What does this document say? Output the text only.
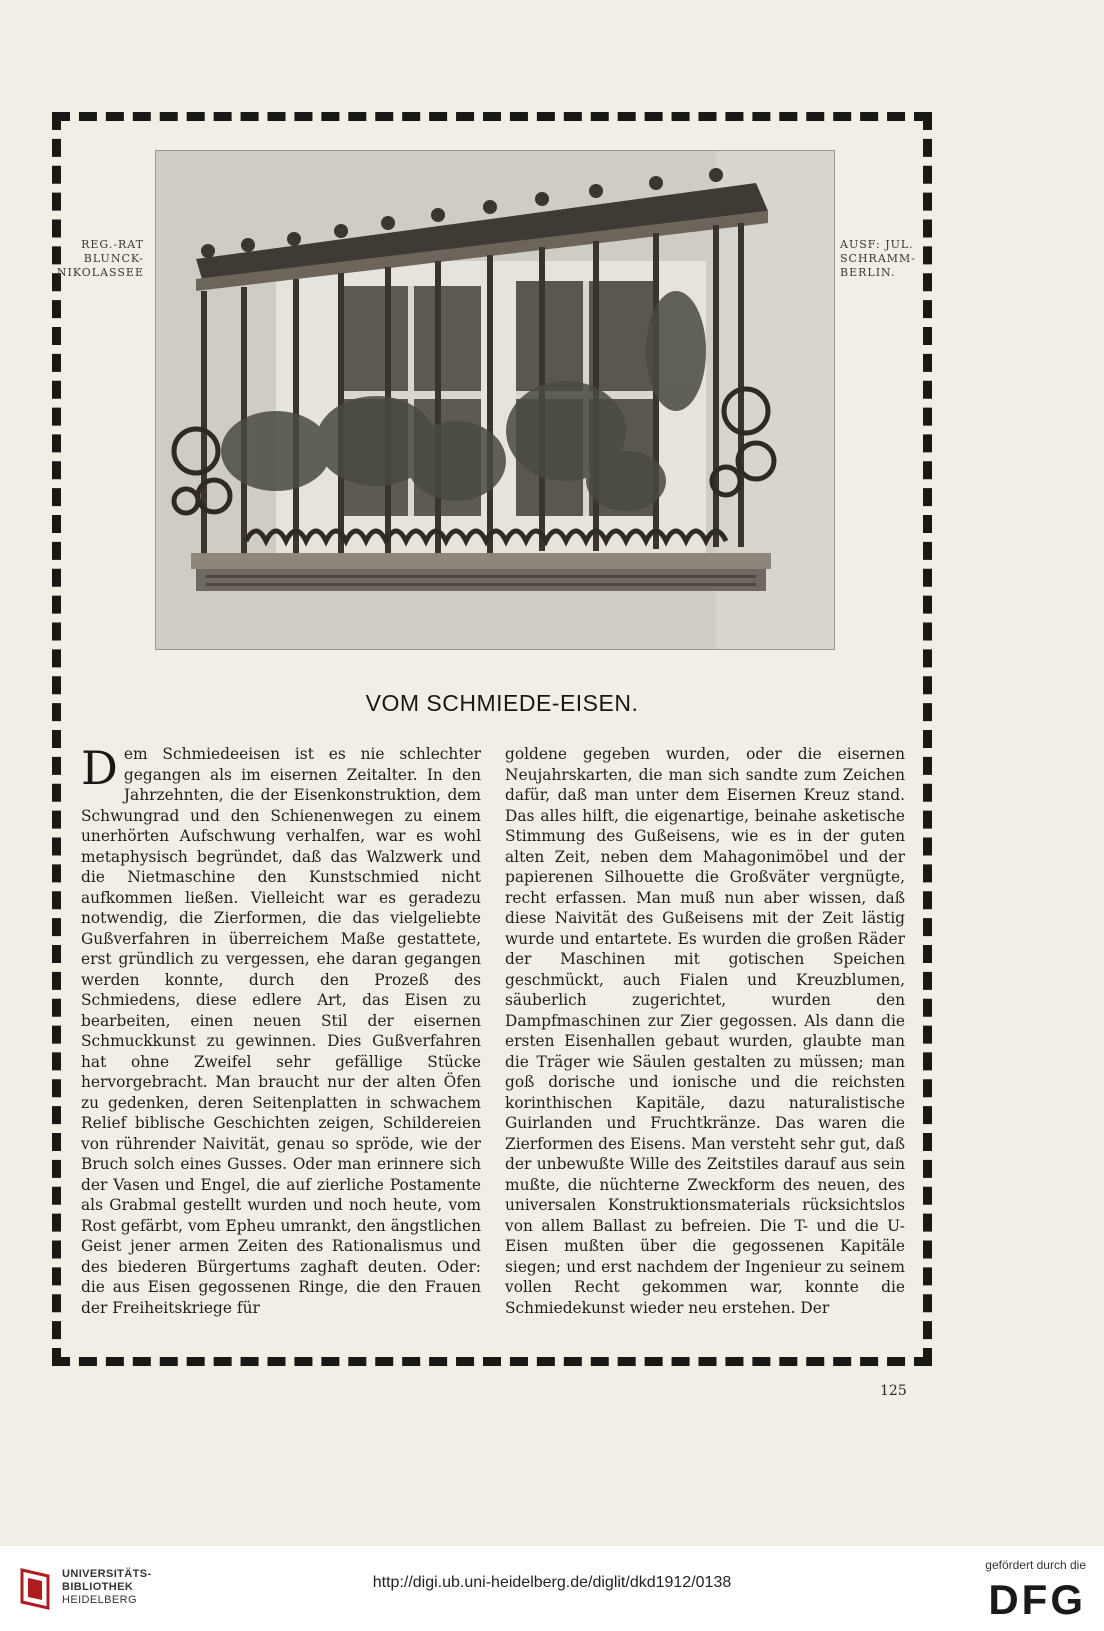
REG.-RAT
BLUNCK-
NIKOLASSEE
AUSF: JUL.
SCHRAMM-
BERLIN.
VOM SCHMIEDE-EISEN.
D em Schmiedeeisen ist es nie schlechter gegangen als im eisernen Zeitalter. In den Jahrzehnten, die der Eisenkonstruktion, dem Schwungrad und den Schienenwegen zu einem unerhörten Aufschwung verhalfen, war es wohl metaphysisch begründet, daß das Walzwerk und die Nietmaschine den Kunstschmied nicht aufkommen ließen. Vielleicht war es geradezu notwendig, die Zierformen, die das vielgeliebte Gußverfahren in überreichem Maße gestattete, erst gründlich zu vergessen, ehe daran gegangen werden konnte, durch den Prozeß des Schmiedens, diese edlere Art, das Eisen zu bearbeiten, einen neuen Stil der eisernen Schmuckkunst zu gewinnen. Dies Gußverfahren hat ohne Zweifel sehr gefällige Stücke hervorgebracht. Man braucht nur der alten Öfen zu gedenken, deren Seitenplatten in schwachem Relief biblische Geschichten zeigen, Schildereien von rührender Naivität, genau so spröde, wie der Bruch solch eines Gusses. Oder man erinnere sich der Vasen und Engel, die auf zierliche Postamente als Grabmal gestellt wurden und noch heute, vom Rost gefärbt, vom Epheu umrankt, den ängstlichen Geist jener armen Zeiten des Rationalismus und des biederen Bürgertums zaghaft deuten. Oder: die aus Eisen gegossenen Ringe, die den Frauen der Freiheitskriege für

goldene gegeben wurden, oder die eisernen Neujahrskarten, die man sich sandte zum Zeichen dafür, daß man unter dem Eisernen Kreuz stand. Das alles hilft, die eigenartige, beinahe asketische Stimmung des Gußeisens, wie es in der guten alten Zeit, neben dem Mahagonimöbel und der papierenen Silhouette die Großväter vergnügte, recht erfassen. Man muß nun aber wissen, daß diese Naivität des Gußeisens mit der Zeit lästig wurde und entartete. Es wurden die großen Räder der Maschinen mit gotischen Speichen geschmückt, auch Fialen und Kreuzblumen, säuberlich zugerichtet, wurden den Dampfmaschinen zur Zier gegossen. Als dann die ersten Eisenhallen gebaut wurden, glaubte man die Träger wie Säulen gestalten zu müssen; man goß dorische und ionische und die reichsten korinthischen Kapitäle, dazu naturalistische Guirlanden und Fruchtkränze. Das waren die Zierformen des Eisens. Man versteht sehr gut, daß der unbewußte Wille des Zeitstiles darauf aus sein mußte, die nüchterne Zweckform des neuen, des universalen Konstruktionsmaterials rücksichtslos von allem Ballast zu befreien. Die T- und die U-Eisen mußten über die gegossenen Kapitäle siegen; und erst nachdem der Ingenieur zu seinem vollen Recht gekommen war, konnte die Schmiedekunst wieder neu erstehen. Der

125
UNIVERSITÄTS-
BIBLIOTHEK
HEIDELBERG
http://digi.ub.uni-heidelberg.de/diglit/dkd1912/0138
gefördert durch die
DFG
